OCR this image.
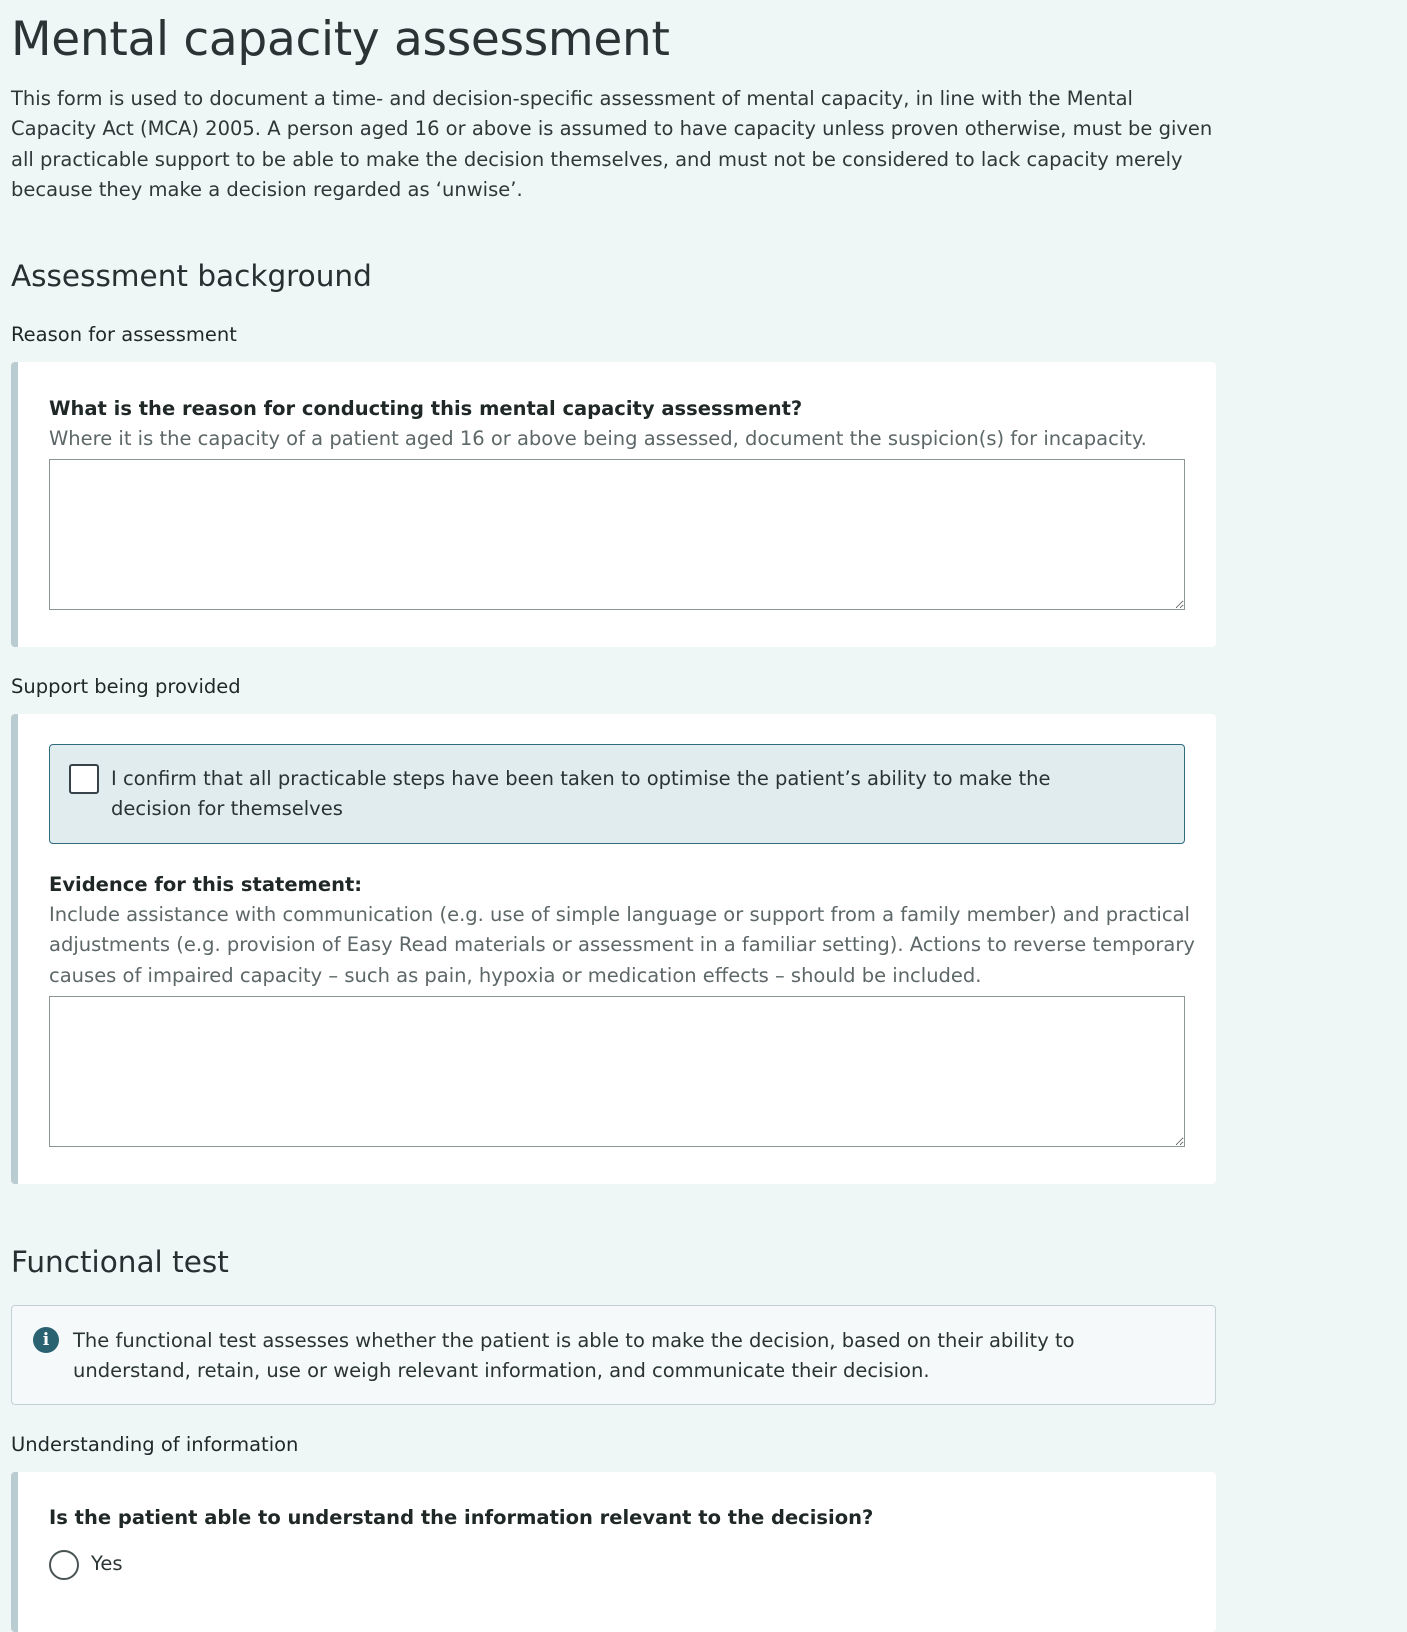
Mental capacity assessment

This form is used to document a time- and decision-specific assessment of mental capacity, in line with the Mental Capacity Act (MCA) 2005. A person aged 16 or above is assumed to have capacity unless proven otherwise, must be given all practicable support to be able to make the decision themselves, and must not be considered to lack capacity merely because they make a decision regarded as ‘unwise’.

Assessment background
Reason for assessment
What is the reason for conducting this mental capacity assessment?
Where it is the capacity of a patient aged 16 or above being assessed, document the suspicion(s) for incapacity.
Support being provided
I confirm that all practicable steps have been taken to optimise the patient’s ability to make the decision for themselves
Evidence for this statement:
Include assistance with communication (e.g. use of simple language or support from a family member) and practical adjustments (e.g. provision of Easy Read materials or assessment in a familiar setting). Actions to reverse temporary causes of impaired capacity – such as pain, hypoxia or medication effects – should be included.
Functional test
i	The functional test assesses whether the patient is able to make the decision, based on their ability to understand, retain, use or weigh relevant information, and communicate their decision.
Understanding of information
Is the patient able to understand the information relevant to the decision?
Yes
